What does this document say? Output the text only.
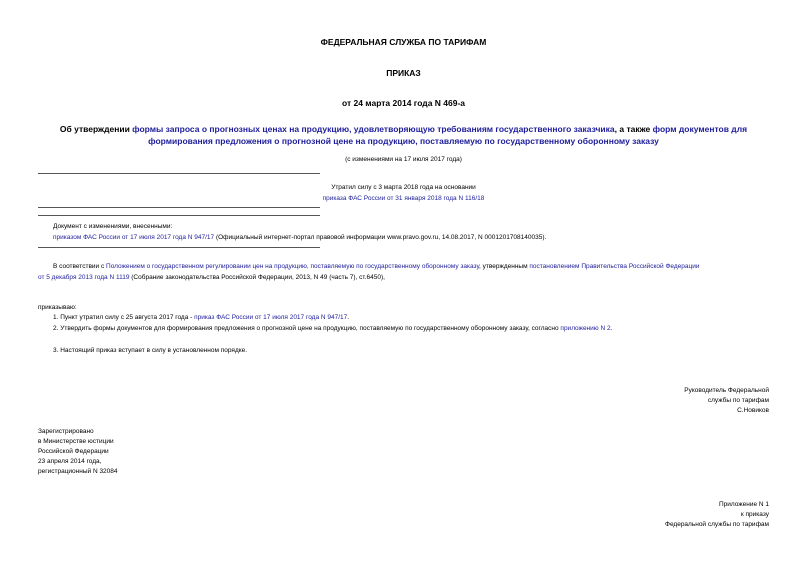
ФЕДЕРАЛЬНАЯ СЛУЖБА ПО ТАРИФАМ
ПРИКАЗ
от 24 марта 2014 года N 469-а
Об утверждении формы запроса о прогнозных ценах на продукцию, удовлетворяющую требованиям государственного заказчика, а также форм документов для
формирования предложения о прогнозной цене на продукцию, поставляемую по государственному оборонному заказу
(с изменениями на 17 июля 2017 года)
Утратил силу с 3 марта 2018 года на основании
приказа ФАС России от 31 января 2018 года N 116/18
Документ с изменениями, внесенными:
приказом ФАС России от 17 июля 2017 года N 947/17 (Официальный интернет-портал правовой информации www.pravo.gov.ru, 14.08.2017, N 0001201708140035).
В соответствии с Положением о государственном регулировании цен на продукцию, поставляемую по государственному оборонному заказу, утвержденным постановлением Правительства Российской Федерации
от 5 декабря 2013 года N 1119 (Собрание законодательства Российской Федерации, 2013, N 49 (часть 7), ст.6450),
приказываю:
1. Пункт утратил силу с 25 августа 2017 года - приказ ФАС России от 17 июля 2017 года N 947/17.
2. Утвердить формы документов для формирования предложения о прогнозной цене на продукцию, поставляемую по государственному оборонному заказу, согласно приложению N 2.
3. Настоящий приказ вступает в силу в установленном порядке.
Руководитель Федеральной
службы по тарифам
С.Новиков
Зарегистрировано
в Министерстве юстиции
Российской Федерации
23 апреля 2014 года,
регистрационный N 32084
Приложение N 1
к приказу
Федеральной службы по тарифам
